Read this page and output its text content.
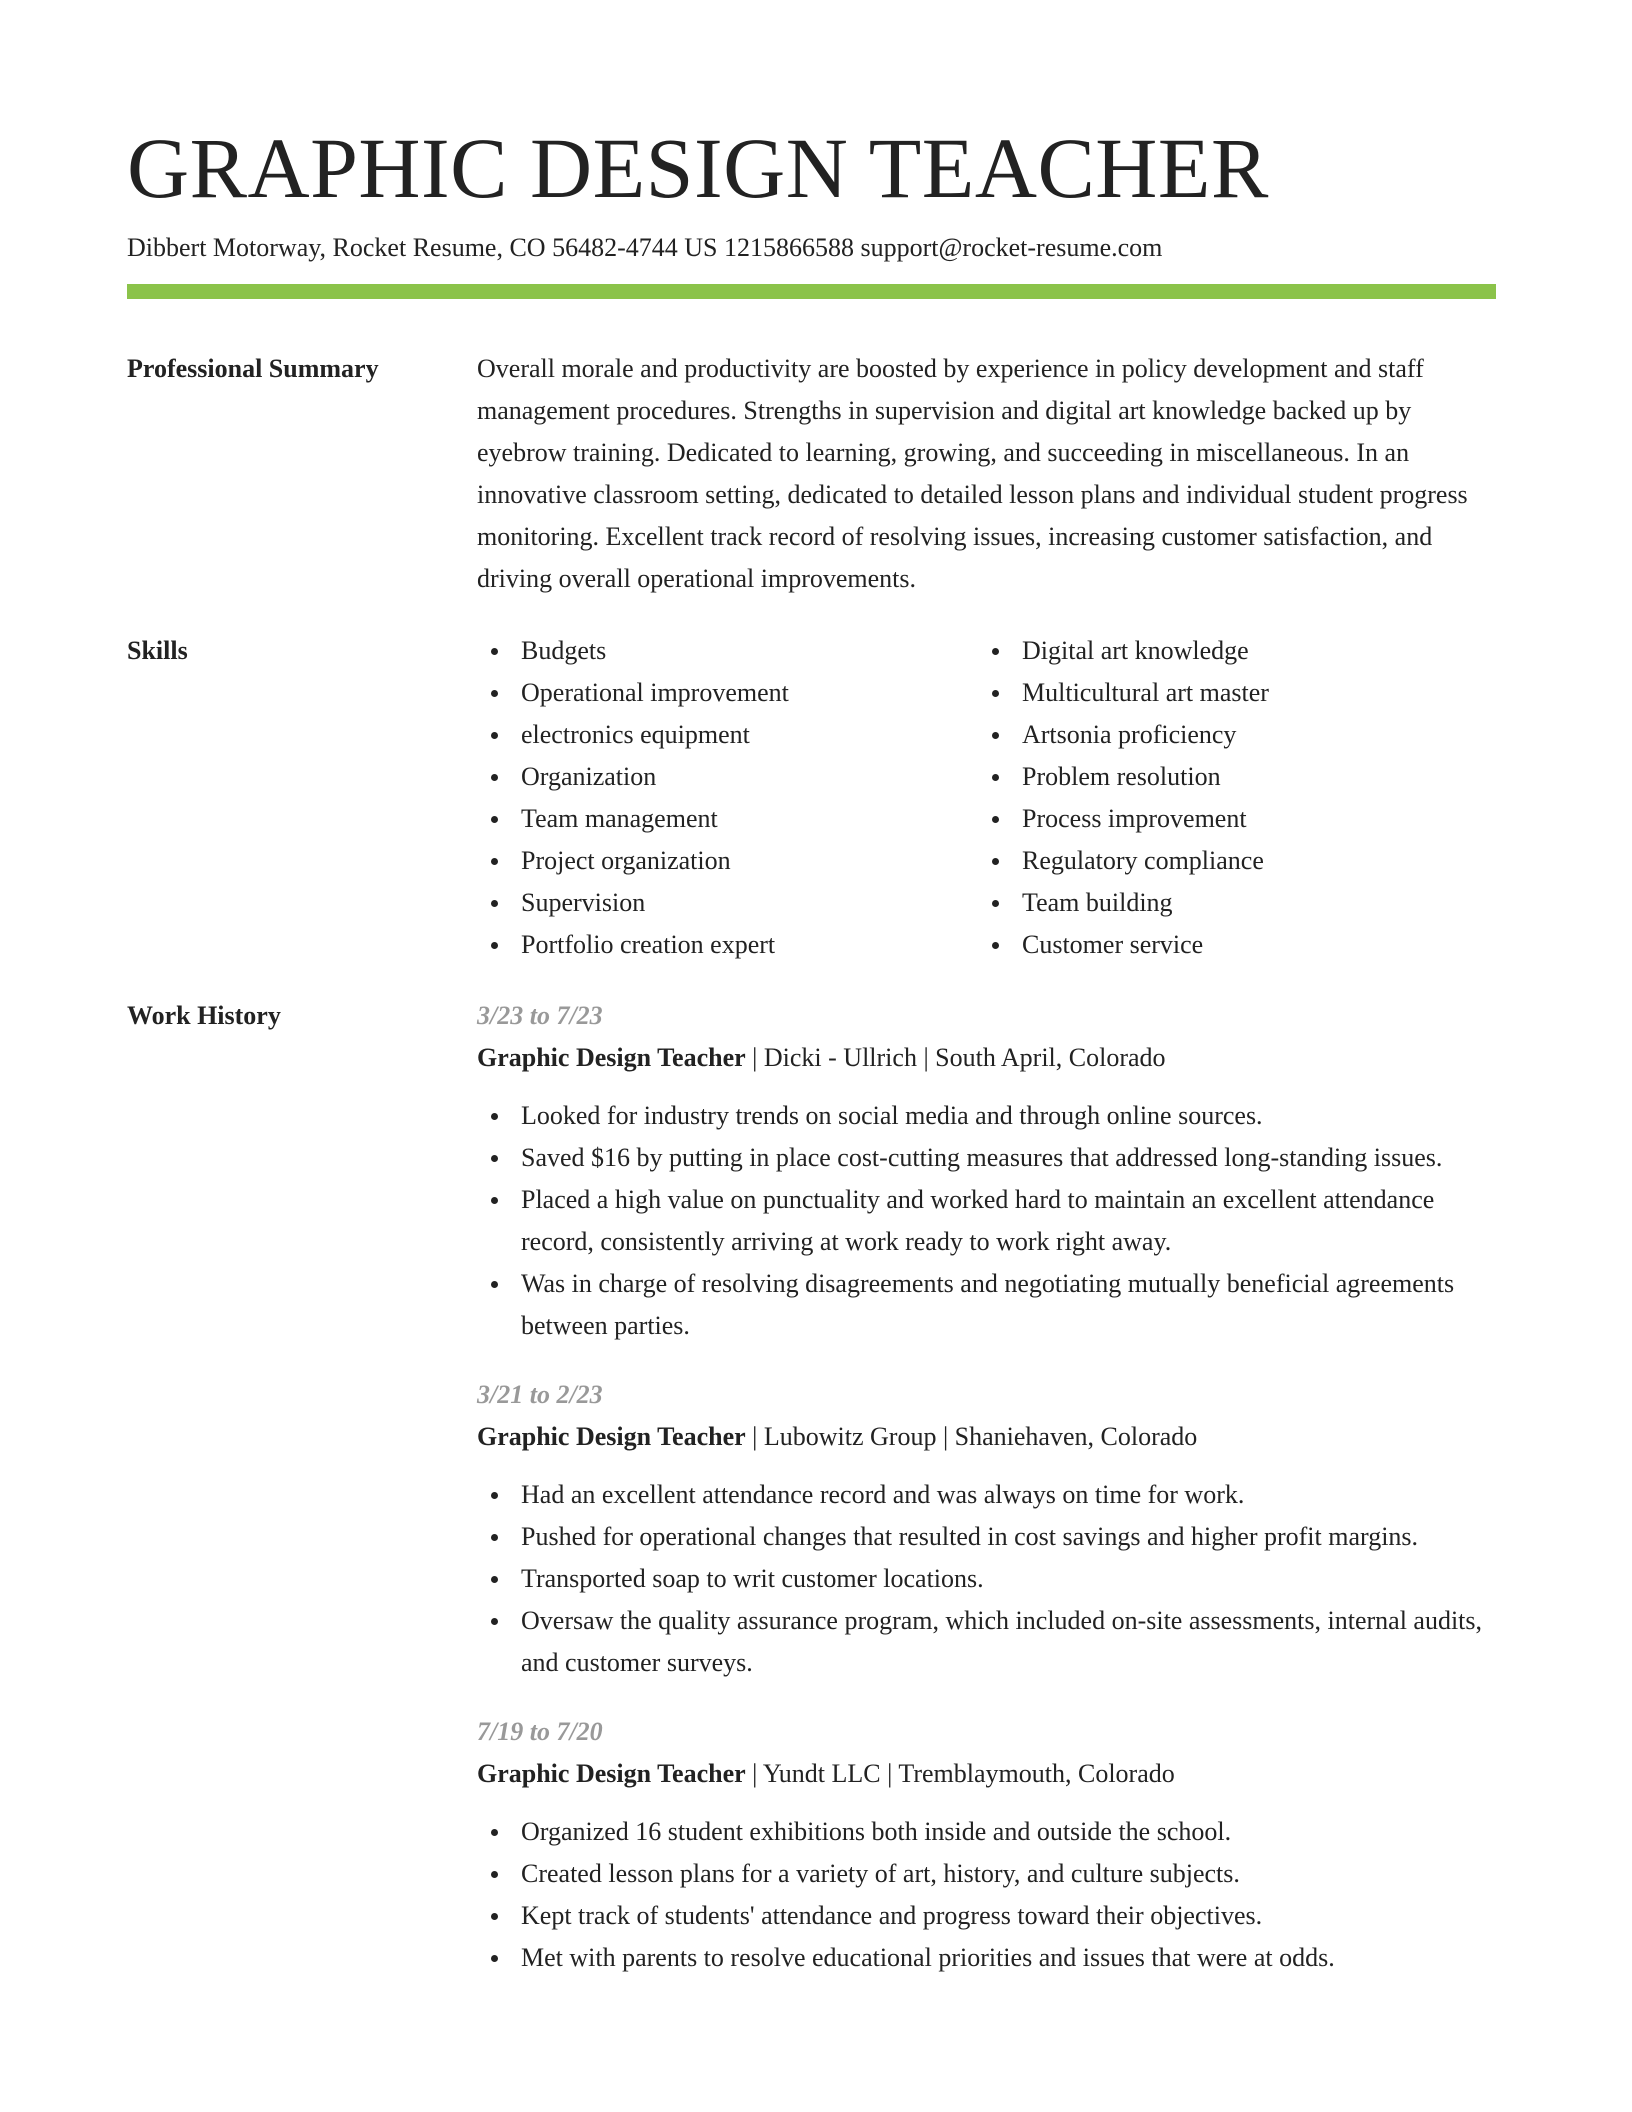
GRAPHIC DESIGN TEACHER
Dibbert Motorway, Rocket Resume, CO 56482-4744 US 1215866588 support@rocket-resume.com
Professional Summary	Overall morale and productivity are boosted by experience in policy development and staff management procedures. Strengths in supervision and digital art knowledge backed up by eyebrow training. Dedicated to learning, growing, and succeeding in miscellaneous. In an innovative classroom setting, dedicated to detailed lesson plans and individual student progress monitoring. Excellent track record of resolving issues, increasing customer satisfaction, and driving overall operational improvements.

Skills	Budgets
Operational improvement
electronics equipment
Organization
Team management
Project organization
Supervision
Portfolio creation expert
Digital art knowledge
Multicultural art master
Artsonia proficiency
Problem resolution
Process improvement
Regulatory compliance
Team building
Customer service
Work History	3/23 to 7/23

Graphic Design Teacher | Dicki - Ullrich | South April, Colorado

Looked for industry trends on social media and through online sources.
Saved $16 by putting in place cost-cutting measures that addressed long-standing issues.
Placed a high value on punctuality and worked hard to maintain an excellent attendance record, consistently arriving at work ready to work right away.
Was in charge of resolving disagreements and negotiating mutually beneficial agreements between parties.

3/21 to 2/23

Graphic Design Teacher | Lubowitz Group | Shaniehaven, Colorado

Had an excellent attendance record and was always on time for work.
Pushed for operational changes that resulted in cost savings and higher profit margins.
Transported soap to writ customer locations.
Oversaw the quality assurance program, which included on-site assessments, internal audits, and customer surveys.

7/19 to 7/20

Graphic Design Teacher | Yundt LLC | Tremblaymouth, Colorado

Organized 16 student exhibitions both inside and outside the school.
Created lesson plans for a variety of art, history, and culture subjects.
Kept track of students' attendance and progress toward their objectives.
Met with parents to resolve educational priorities and issues that were at odds.
